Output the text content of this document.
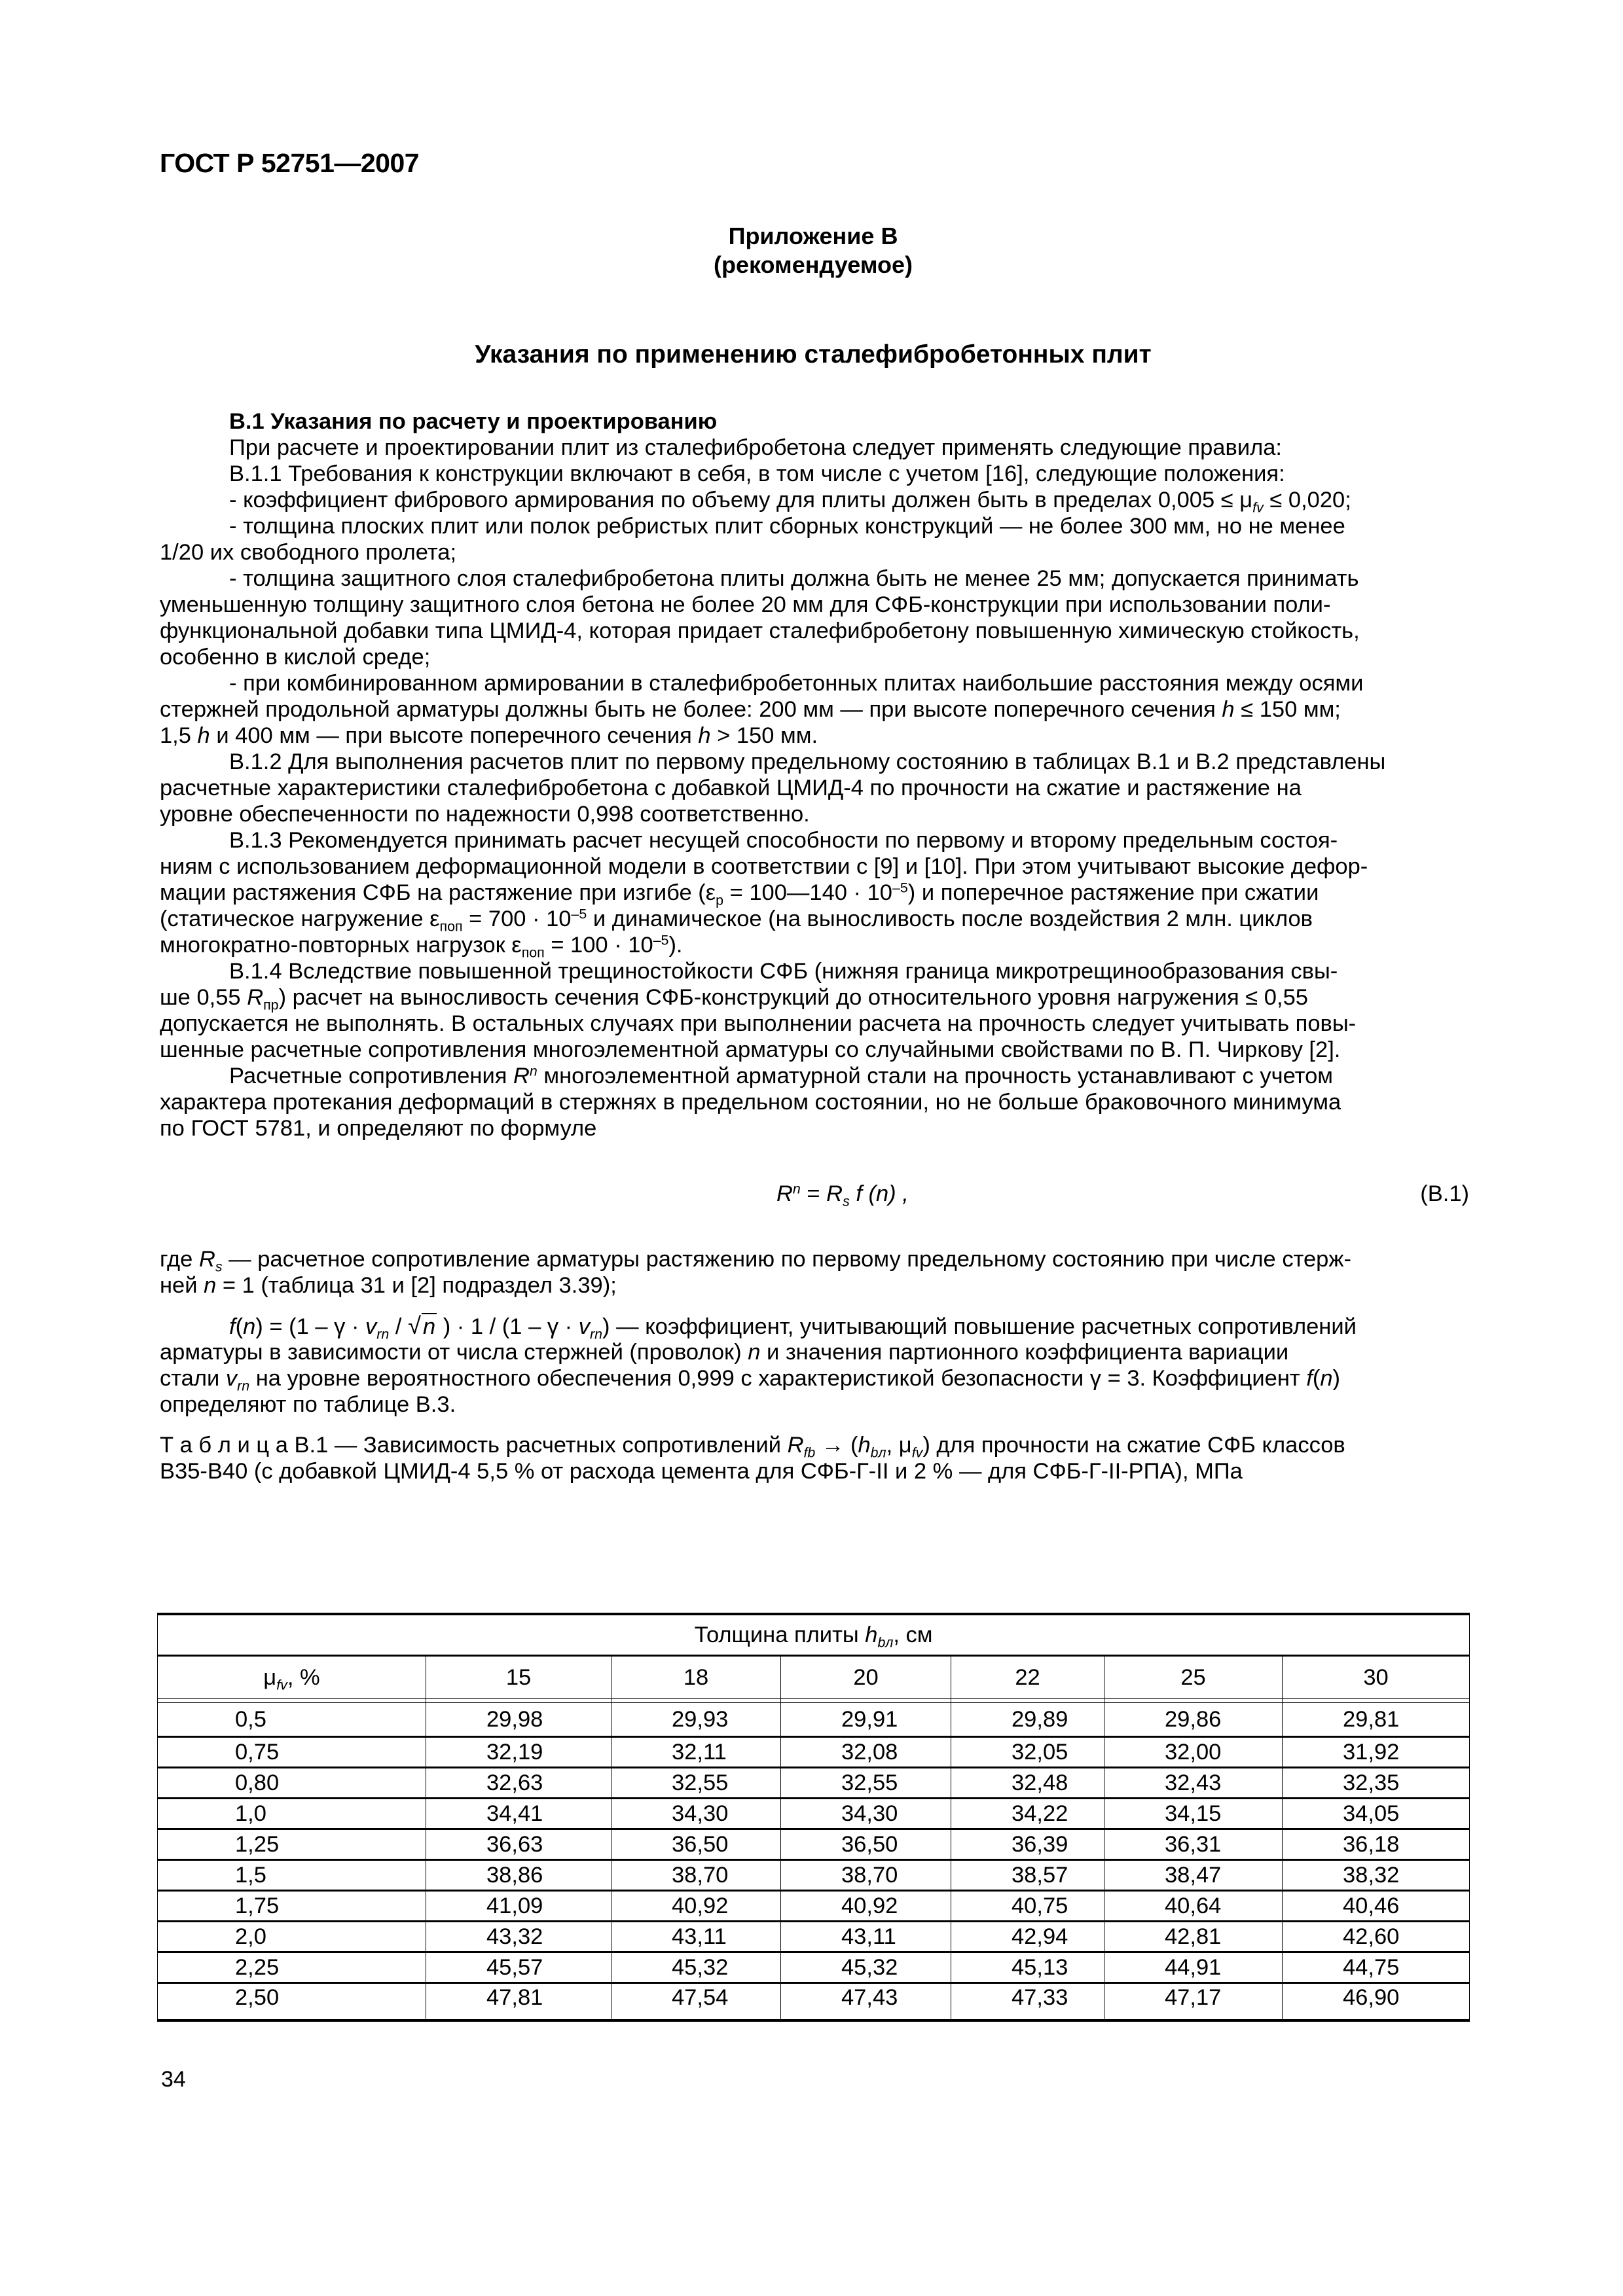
ГОСТ Р 52751—2007
Приложение В
(рекомендуемое)
Указания по применению сталефибробетонных плит
В.1 Указания по расчету и проектированию
При расчете и проектировании плит из сталефибробетона следует применять следующие правила:
В.1.1 Требования к конструкции включают в себя, в том числе с учетом [16], следующие положения:
- коэффициент фибрового армирования по объему для плиты должен быть в пределах $0,005 \le \mu_{fv} \le 0,020$;
- толщина плоских плит или полок ребристых плит сборных конструкций — не более 300 мм, но не менее
1/20 их свободного пролета;
- толщина защитного слоя сталефибробетона плиты должна быть не менее 25 мм; допускается принимать
уменьшенную толщину защитного слоя бетона не более 20 мм для СФБ-конструкции при использовании поли-
функциональной добавки типа ЦМИД-4, которая придает сталефибробетону повышенную химическую стойкость,
особенно в кислой среде;
- при комбинированном армировании в сталефибробетонных плитах наибольшие расстояния между осями
стержней продольной арматуры должны быть не более: 200 мм — при высоте поперечного сечения h ≤ 150 мм;
1,5 h и 400 мм — при высоте поперечного сечения h > 150 мм.
В.1.2 Для выполнения расчетов плит по первому предельному состоянию в таблицах В.1 и В.2 представлены
расчетные характеристики сталефибробетона с добавкой ЦМИД-4 по прочности на сжатие и растяжение на
уровне обеспеченности по надежности 0,998 соответственно.
В.1.3 Рекомендуется принимать расчет несущей способности по первому и второму предельным состоя-
ниям с использованием деформационной модели в соответствии с [9] и [10]. При этом учитывают высокие дефор-
мации растяжения СФБ на растяжение при изгибе ($\varepsilon_р$ = 100—140 · $10^{-5}$) и поперечное растяжение при сжатии
(статическое нагружение $\varepsilon_{поп} = 700 \cdot 10^{-5}$ и динамическое (на выносливость после воздействия 2 млн. циклов
многократно-повторных нагрузок $\varepsilon_{поп} = 100 \cdot 10^{-5}$).
В.1.4 Вследствие повышенной трещиностойкости СФБ (нижняя граница микротрещинообразования свы-
ше 0,55 $R_{пр}$) расчет на выносливость сечения СФБ-конструкций до относительного уровня нагружения ≤ 0,55
допускается не выполнять. В остальных случаях при выполнении расчета на прочность следует учитывать повы-
шенные расчетные сопротивления многоэлементной арматуры со случайными свойствами по В. П. Чиркову [2].
Расчетные сопротивления $R^n$ многоэлементной арматурной стали на прочность устанавливают с учетом
характера протекания деформаций в стержнях в предельном состоянии, но не больше браковочного минимума
по ГОСТ 5781, и определяют по формуле
$R^n = R_s$ f (n) ,	(В.1)
где $R_s$ — расчетное сопротивление арматуры растяжению по первому предельному состоянию при числе стерж-
ней n = 1 (таблица 31 и [2] подраздел 3.39);
$f(n) = (1 - \gamma \cdot v_{rn} / √n$ ) · $1 / (1 - \gamma \cdot v_{rn})$ — коэффициент, учитывающий повышение расчетных сопротивлений
арматуры в зависимости от числа стержней (проволок) n и значения партионного коэффициента вариации
стали $v_{rn}$ на уровне вероятностного обеспечения 0,999 с характеристикой безопасности γ = 3. Коэффициент f(n)
определяют по таблице В.3.
Т а б л и ц а В.1 — Зависимость расчетных сопротивлений $R_{fb} \to (h_{bл}$, $\mu_{fv}$) для прочности на сжатие СФБ классов
В35-В40 (с добавкой ЦМИД-4 5,5 % от расхода цемента для СФБ-Г-II и 2 % — для СФБ-Г-II-РПА), МПа
Толщина плиты $h_{bл}$, см						
$\mu_{fv}$, %	15	18	20	22	25	30

0,5	29,98	29,93	29,91	29,89	29,86	29,81
0,75	32,19	32,11	32,08	32,05	32,00	31,92
0,80	32,63	32,55	32,55	32,48	32,43	32,35
1,0	34,41	34,30	34,30	34,22	34,15	34,05
1,25	36,63	36,50	36,50	36,39	36,31	36,18
1,5	38,86	38,70	38,70	38,57	38,47	38,32
1,75	41,09	40,92	40,92	40,75	40,64	40,46
2,0	43,32	43,11	43,11	42,94	42,81	42,60
2,25	45,57	45,32	45,32	45,13	44,91	44,75
2,50	47,81	47,54	47,43	47,33	47,17	46,90
34
